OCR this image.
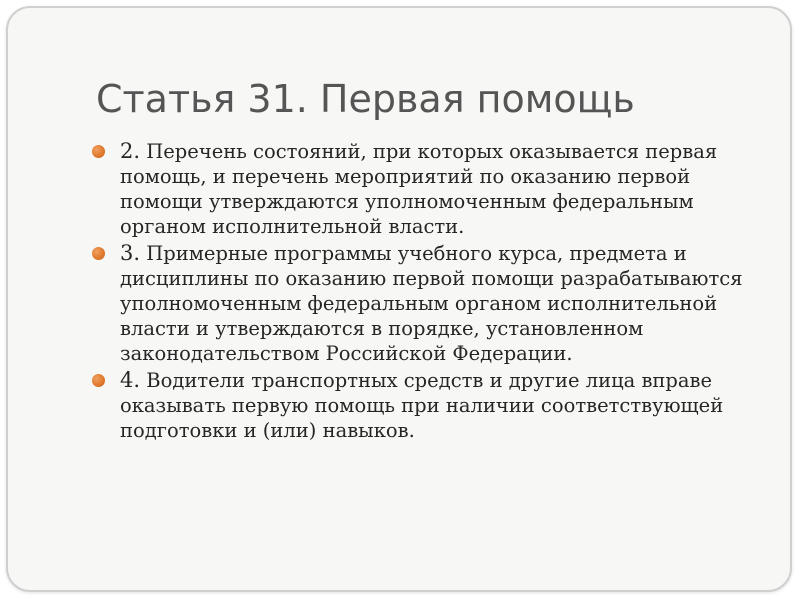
Статья 31. Первая помощь
2. Перечень состояний, при которых оказывается первая помощь, и перечень мероприятий по оказанию первой помощи утверждаются уполномоченным федеральным органом исполнительной власти.
3. Примерные программы учебного курса, предмета и дисциплины по оказанию первой помощи разрабатываются уполномоченным федеральным органом исполнительной власти и утверждаются в порядке, установленном законодательством Российской Федерации.
4. Водители транспортных средств и другие лица вправе оказывать первую помощь при наличии соответствующей подготовки и (или) навыков.
